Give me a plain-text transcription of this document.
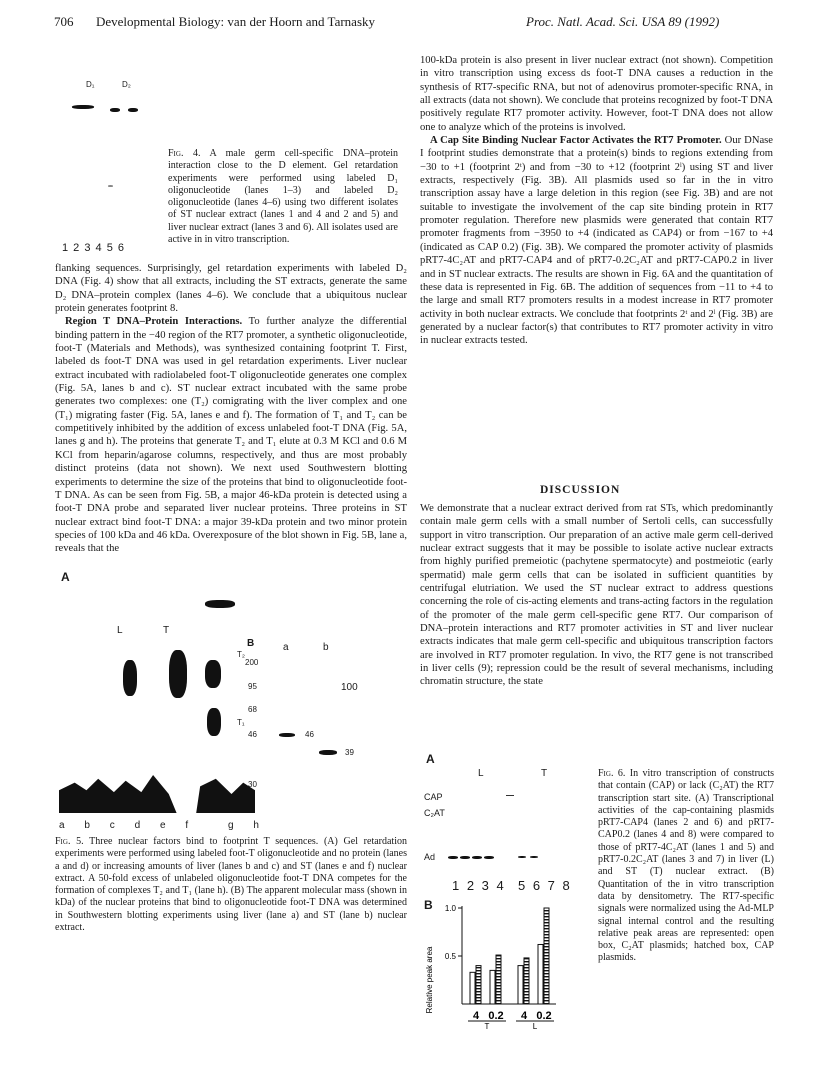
706 Developmental Biology: van der Hoorn and Tarnasky	Proc. Natl. Acad. Sci. USA 89 (1992)
D₁	D₂
1 2 3 4 5 6

Fig. 4. A male germ cell-specific DNA–protein interaction close to the D element. Gel retardation experiments were performed using labeled D₁ oligonucleotide (lanes 1–3) and labeled D₂ oligonucleotide (lanes 4–6) using two different isolates of ST nuclear extract (lanes 1 and 4 and 2 and 5) and liver nuclear extract (lanes 3 and 6). All isolates used are active in in vitro transcription.

flanking sequences. Surprisingly, gel retardation experiments with labeled D₂ DNA (Fig. 4) show that all extracts, including the ST extracts, generate the same D₂ DNA–protein complex (lanes 4–6). We conclude that a ubiquitous nuclear protein generates footprint 8.

Region T DNA–Protein Interactions. To further analyze the differential binding pattern in the −40 region of the RT7 promoter, a synthetic oligonucleotide, foot-T (Materials and Methods), was synthesized containing footprint T. First, labeled ds foot-T DNA was used in gel retardation experiments. Liver nuclear extract incubated with radiolabeled foot-T oligonucleotide generates one complex (Fig. 5A, lanes b and c). ST nuclear extract incubated with the same probe generates two complexes: one (T₂) comigrating with the liver complex and one (T₁) migrating faster (Fig. 5A, lanes e and f). The formation of T₁ and T₂ can be competitively inhibited by the addition of excess unlabeled foot-T DNA (Fig. 5A, lanes g and h). The proteins that generate T₂ and T₁ elute at 0.3 M KCl and 0.6 M KCl from heparin/agarose columns, respectively, and thus are most probably distinct proteins (data not shown). We next used Southwestern blotting experiments to determine the size of the proteins that bind to oligonucleotide foot-T DNA. As can be seen from Fig. 5B, a major 46-kDa protein is detected using a foot-T DNA probe and separated liver nuclear proteins. Three proteins in ST nuclear extract bind foot-T DNA: a major 39-kDa protein and two minor protein species of 100 kDa and 46 kDa. Overexposure of the blot shown in Fig. 5B, lane a, reveals that the

A
L	T
T₂
T₁
a b c d e f	g h
B	a	b
200
95
68
46
30
100
46
39

Fig. 5. Three nuclear factors bind to footprint T sequences. (A) Gel retardation experiments were performed using labeled foot-T oligonucleotide and no protein (lanes a and d) or increasing amounts of liver (lanes b and c) and ST (lanes e and f) nuclear extract. A 50-fold excess of unlabeled oligonucleotide foot-T DNA competes for the formation of complexes T₂ and T₁ (lane h). (B) The apparent molecular mass (shown in kDa) of the nuclear proteins that bind to oligonucleotide foot-T DNA was determined in Southwestern blotting experiments using liver (lane a) and ST (lane b) nuclear extract.

100-kDa protein is also present in liver nuclear extract (not shown). Competition in vitro transcription using excess ds foot-T DNA causes a reduction in the synthesis of RT7-specific RNA, but not of adenovirus promoter-specific RNA, in all extracts (data not shown). We conclude that proteins recognized by foot-T DNA positively regulate RT7 promoter activity. However, foot-T DNA does not allow one to analyze which of the proteins is involved.

A Cap Site Binding Nuclear Factor Activates the RT7 Promoter. Our DNase I footprint studies demonstrate that a protein(s) binds to regions extending from −30 to +1 (footprint 2ᵗ) and from −30 to +12 (footprint 2ˡ) using ST and liver extracts, respectively (Fig. 3B). All plasmids used so far in the in vitro transcription assay have a large deletion in this region (see Fig. 3B) and are not suitable to investigate the involvement of the cap site binding protein in RT7 promoter regulation. Therefore new plasmids were generated that contain RT7 promoter fragments from −3950 to +4 (indicated as CAP4) or from −167 to +4 (indicated as CAP 0.2) (Fig. 3B). We compared the promoter activity of plasmids pRT7-4C₂AT and pRT7-CAP4 and of pRT7-0.2C₂AT and pRT7-CAP0.2 in liver and in ST nuclear extracts. The results are shown in Fig. 6A and the quantitation of these data is represented in Fig. 6B. The addition of sequences from −11 to +4 to the large and small RT7 promoters results in a modest increase in RT7 promoter activity in both nuclear extracts. We conclude that footprints 2ᵗ and 2ˡ (Fig. 3B) are generated by a nuclear factor(s) that contributes to RT7 promoter activity in vitro in nuclear extracts tested.

DISCUSSION

We demonstrate that a nuclear extract derived from rat STs, which predominantly contain male germ cells with a small number of Sertoli cells, can successfully support in vitro transcription. Our preparation of an active male germ cell-derived nuclear extract suggests that it may be possible to isolate active nuclear extracts from highly purified premeiotic (pachytene spermatocyte) and postmeiotic (early spermatid) male germ cells that can be isolated in sufficient quantities by centrifugal elutriation. We used the ST nuclear extract to address questions concerning the role of cis-acting elements and trans-acting factors in the regulation of the promoter of the male germ cell-specific gene RT7. Our comparison of DNA–protein interactions and RT7 promoter activities in ST and liver nuclear extracts indicates that male germ cell-specific and ubiquitous transcription factors are involved in RT7 promoter regulation. In vivo, the RT7 gene is not transcribed in liver cells (9); repression could be the result of several mechanisms, including chromatin structure, the state

A
L	T
CAP
C₂AT
Ad
1 2 3 4 5 6 7 8
B
Relative peak area
1.0
0.5
4 0.2 4 0.2
T	L

Fig. 6. In vitro transcription of constructs that contain (CAP) or lack (C₂AT) the RT7 transcription start site. (A) Transcriptional activities of the cap-containing plasmids pRT7-CAP4 (lanes 2 and 6) and pRT7-CAP0.2 (lanes 4 and 8) were compared to those of pRT7-4C₂AT (lanes 1 and 5) and pRT7-0.2C₂AT (lanes 3 and 7) in liver (L) and ST (T) nuclear extract. (B) Quantitation of the in vitro transcription data by densitometry. The RT7-specific signals were normalized using the Ad-MLP signal internal control and the resulting relative peak areas are represented: open box, C₂AT plasmids; hatched box, CAP plasmids.
